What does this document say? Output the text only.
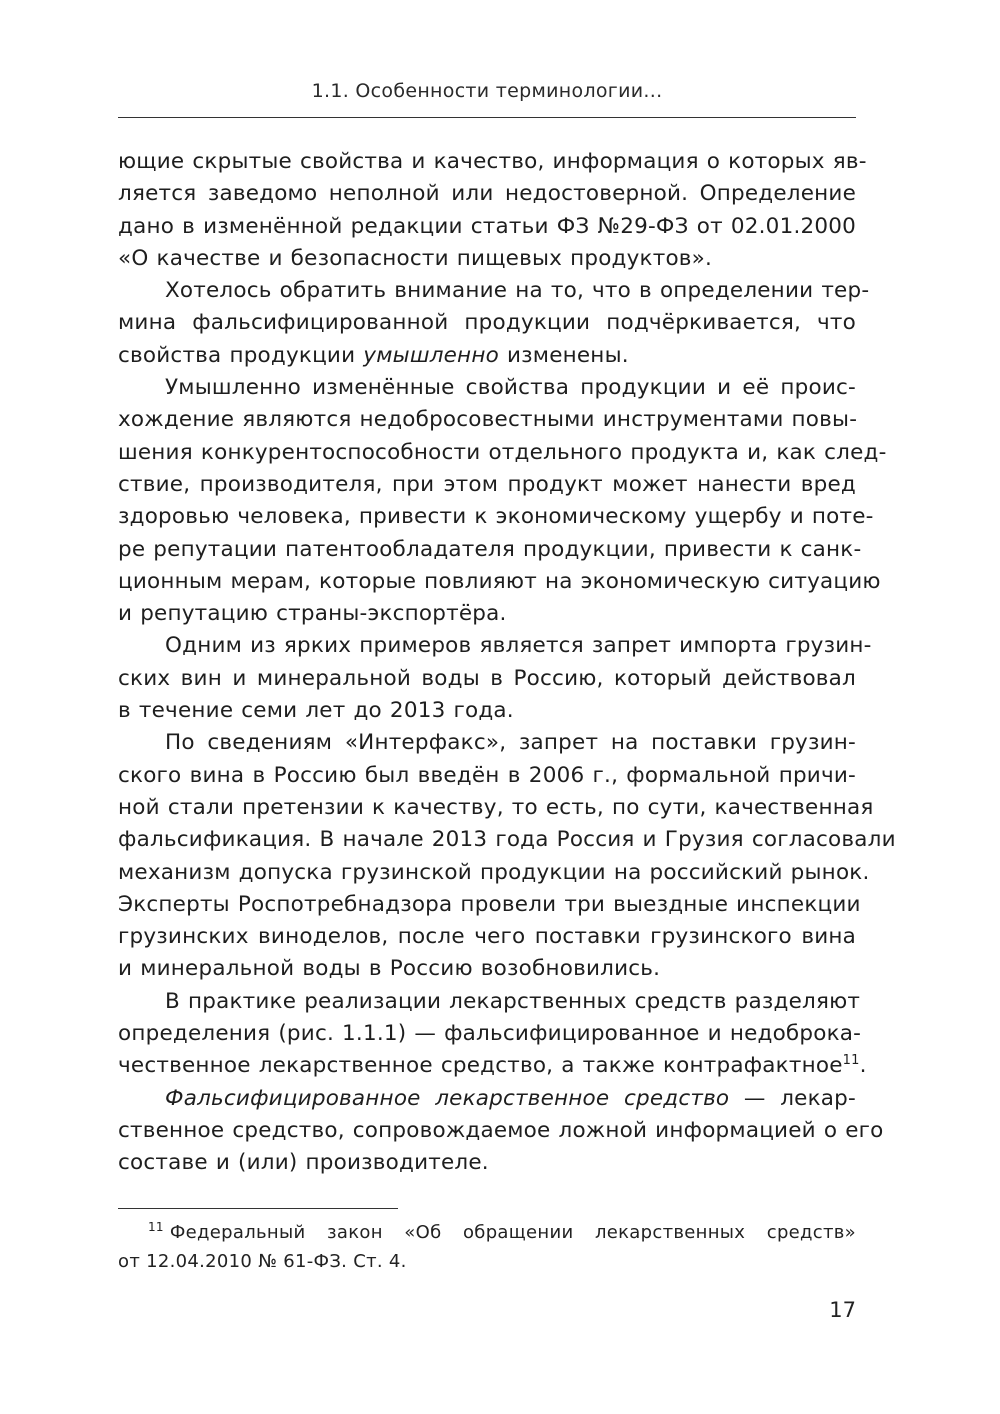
1.1. Особенности терминологии...
ющие скрытые свойства и качество, информация о которых яв-
ляется заведомо неполной или недостоверной. Определение
дано в изменённой редакции статьи ФЗ №29-ФЗ от 02.01.2000
«О качестве и безопасности пищевых продуктов».
Хотелось обратить внимание на то, что в определении тер-
мина фальсифицированной продукции подчёркивается, что
свойства продукции умышленно изменены.
Умышленно изменённые свойства продукции и её проис-
хождение являются недобросовестными инструментами повы-
шения конкурентоспособности отдельного продукта и, как след-
ствие, производителя, при этом продукт может нанести вред
здоровью человека, привести к экономическому ущербу и поте-
ре репутации патентообладателя продукции, привести к санк-
ционным мерам, которые повлияют на экономическую ситуацию
и репутацию страны-экспортёра.
Одним из ярких примеров является запрет импорта грузин-
ских вин и минеральной воды в Россию, который действовал
в течение семи лет до 2013 года.
По сведениям «Интерфакс», запрет на поставки грузин-
ского вина в Россию был введён в 2006 г., формальной причи-
ной стали претензии к качеству, то есть, по сути, качественная
фальсификация. В начале 2013 года Россия и Грузия согласовали
механизм допуска грузинской продукции на российский рынок.
Эксперты Роспотребнадзора провели три выездные инспекции
грузинских виноделов, после чего поставки грузинского вина
и минеральной воды в Россию возобновились.
В практике реализации лекарственных средств разделяют
определения (рис. 1.1.1) — фальсифицированное и недоброка-
чественное лекарственное средство, а также контрафактное$^{11}$.
Фальсифицированное лекарственное средство — лекар-
ственное средство, сопровождаемое ложной информацией о его
составе и (или) производителе.
$^{11}$ Федеральный закон «Об обращении лекарственных средств»
от 12.04.2010 № 61-ФЗ. Ст. 4.
17
